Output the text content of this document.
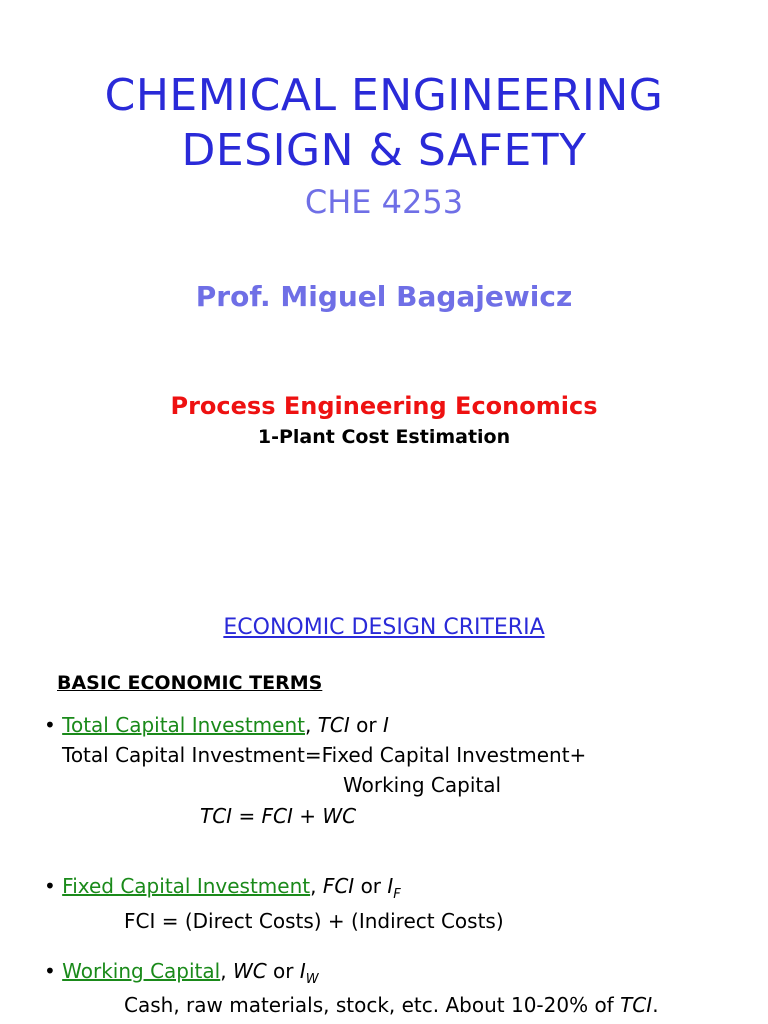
CHEMICAL ENGINEERING
DESIGN & SAFETY
CHE 4253
Prof. Miguel Bagajewicz
Process Engineering Economics
1-Plant Cost Estimation
ECONOMIC DESIGN CRITERIA
BASIC ECONOMIC TERMS
• Total Capital Investment, TCI or I
Total Capital Investment=Fixed Capital Investment+
Working Capital
TCI = FCI + WC
• Fixed Capital Investment, FCI or $I_F$
FCI = (Direct Costs) + (Indirect Costs)
• Working Capital, WC or $I_W$
Cash, raw materials, stock, etc. About 10-20% of TCI.
